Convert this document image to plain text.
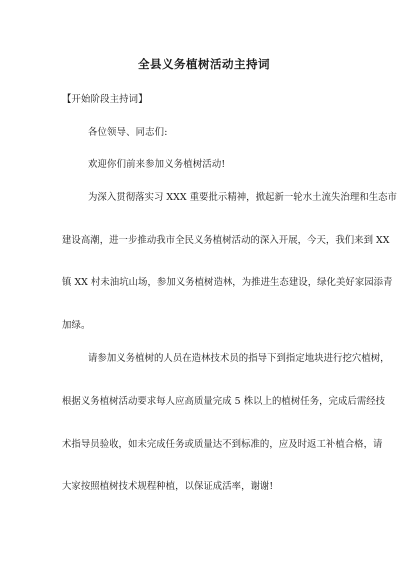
全县义务植树活动主持词
【开始阶段主持词】
各位领导、同志们:
欢迎你们前来参加义务植树活动!
为深入贯彻落实习 XXX 重要批示精神，掀起新一轮水土流失治理和生态市
建设高潮，进一步推动我市全民义务植树活动的深入开展，今天，我们来到 XX
镇 XX 村未油坑山场，参加义务植树造林，为推进生态建设，绿化美好家园添青
加绿。
请参加义务植树的人员在造林技术员的指导下到指定地块进行挖穴植树，
根据义务植树活动要求每人应高质量完成 5 株以上的植树任务，完成后需经技
术指导员验收，如未完成任务或质量达不到标准的，应及时返工补植合格，请
大家按照植树技术规程种植，以保证成活率，谢谢!
